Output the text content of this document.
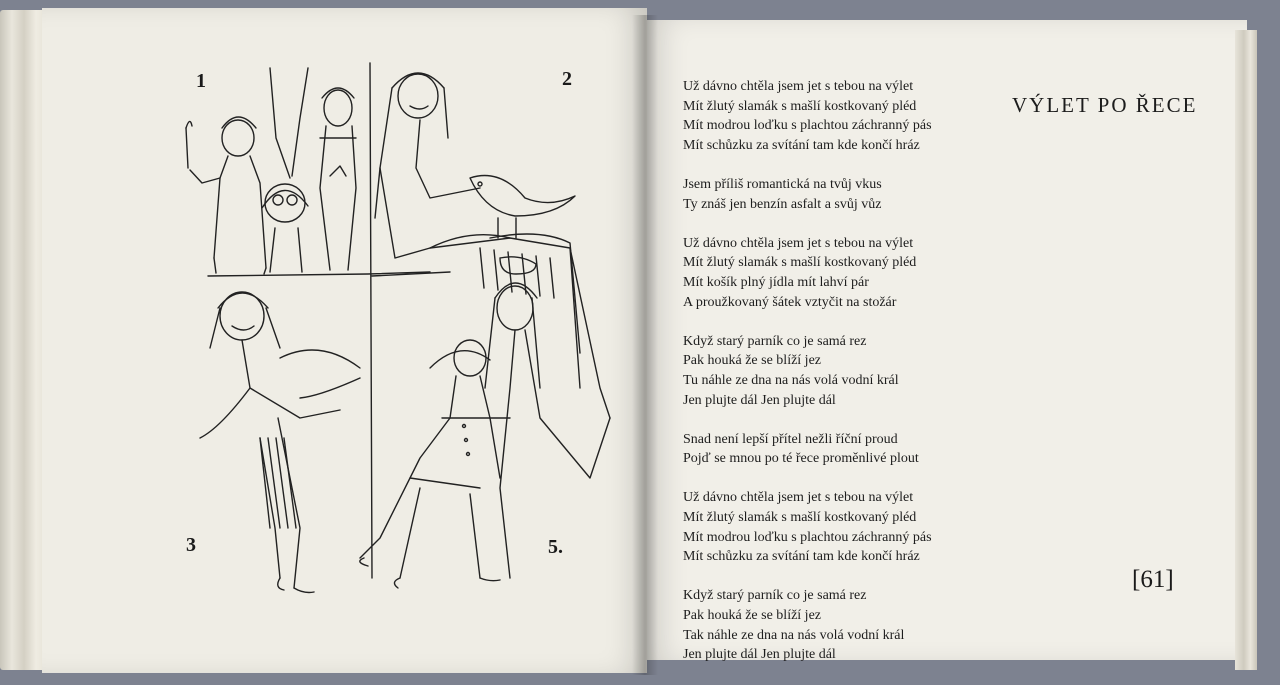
1	2
3	5.
VÝLET PO ŘECE
Už dávno chtěla jsem jet s tebou na výlet
Mít žlutý slamák s mašlí kostkovaný pléd
Mít modrou loďku s plachtou záchranný pás
Mít schůzku za svítání tam kde končí hráz
Jsem příliš romantická na tvůj vkus
Ty znáš jen benzín asfalt a svůj vůz
Už dávno chtěla jsem jet s tebou na výlet
Mít žlutý slamák s mašlí kostkovaný pléd
Mít košík plný jídla mít lahví pár
A proužkovaný šátek vztyčit na stožár
Když starý parník co je samá rez
Pak houká že se blíží jez
Tu náhle ze dna na nás volá vodní král
Jen plujte dál Jen plujte dál
Snad není lepší přítel nežli říční proud
Pojď se mnou po té řece proměnlivé plout
Už dávno chtěla jsem jet s tebou na výlet
Mít žlutý slamák s mašlí kostkovaný pléd
Mít modrou loďku s plachtou záchranný pás
Mít schůzku za svítání tam kde končí hráz
Když starý parník co je samá rez
Pak houká že se blíží jez
Tak náhle ze dna na nás volá vodní král
Jen plujte dál Jen plujte dál
[61]
